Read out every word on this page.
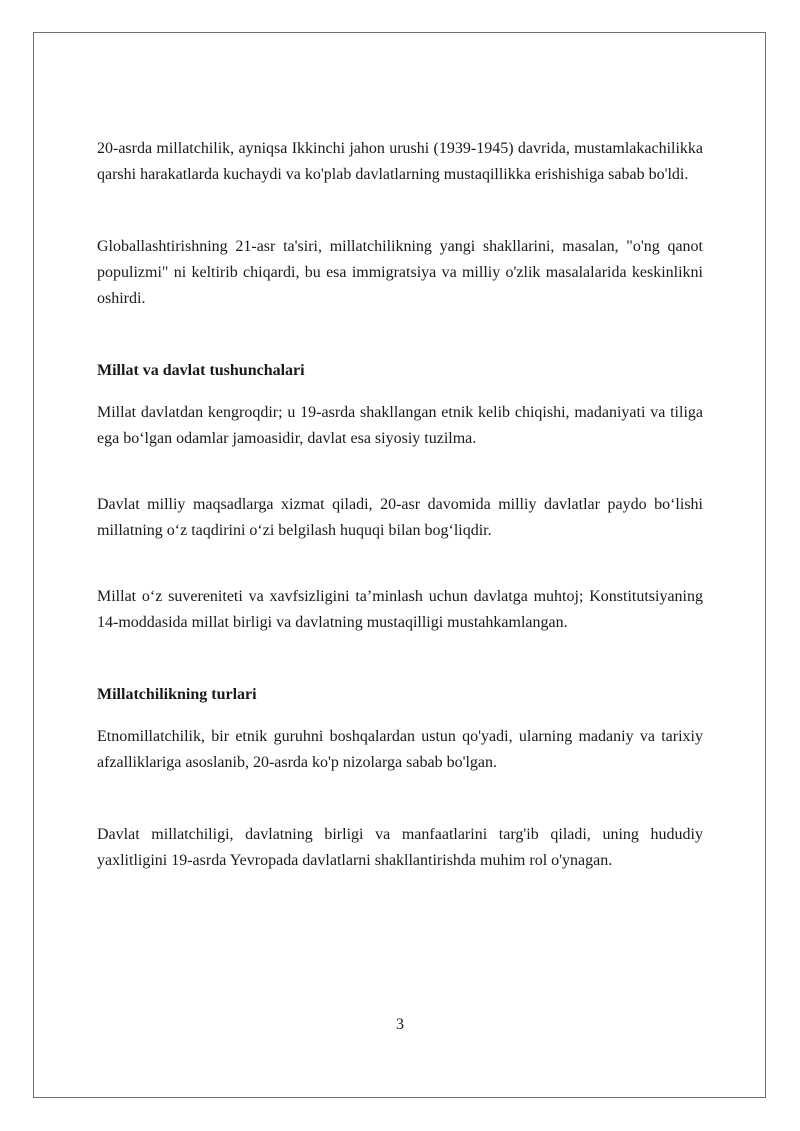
20-asrda millatchilik, ayniqsa Ikkinchi jahon urushi (1939-1945) davrida, mustamlakachilikka qarshi harakatlarda kuchaydi va ko'plab davlatlarning mustaqillikka erishishiga sabab bo'ldi.

Globallashtirishning 21-asr ta'siri, millatchilikning yangi shakllarini, masalan, "o'ng qanot populizmi" ni keltirib chiqardi, bu esa immigratsiya va milliy o'zlik masalalarida keskinlikni oshirdi.

Millat va davlat tushunchalari

Millat davlatdan kengroqdir; u 19-asrda shakllangan etnik kelib chiqishi, madaniyati va tiliga ega bo‘lgan odamlar jamoasidir, davlat esa siyosiy tuzilma.

Davlat milliy maqsadlarga xizmat qiladi, 20-asr davomida milliy davlatlar paydo bo‘lishi millatning o‘z taqdirini o‘zi belgilash huquqi bilan bog‘liqdir.

Millat o‘z suvereniteti va xavfsizligini ta’minlash uchun davlatga muhtoj; Konstitutsiyaning 14-moddasida millat birligi va davlatning mustaqilligi mustahkamlangan.

Millatchilikning turlari

Etnomillatchilik, bir etnik guruhni boshqalardan ustun qo'yadi, ularning madaniy va tarixiy afzalliklariga asoslanib, 20-asrda ko'p nizolarga sabab bo'lgan.

Davlat millatchiligi, davlatning birligi va manfaatlarini targ'ib qiladi, uning hududiy yaxlitligini 19-asrda Yevropada davlatlarni shakllantirishda muhim rol o'ynagan.

3
